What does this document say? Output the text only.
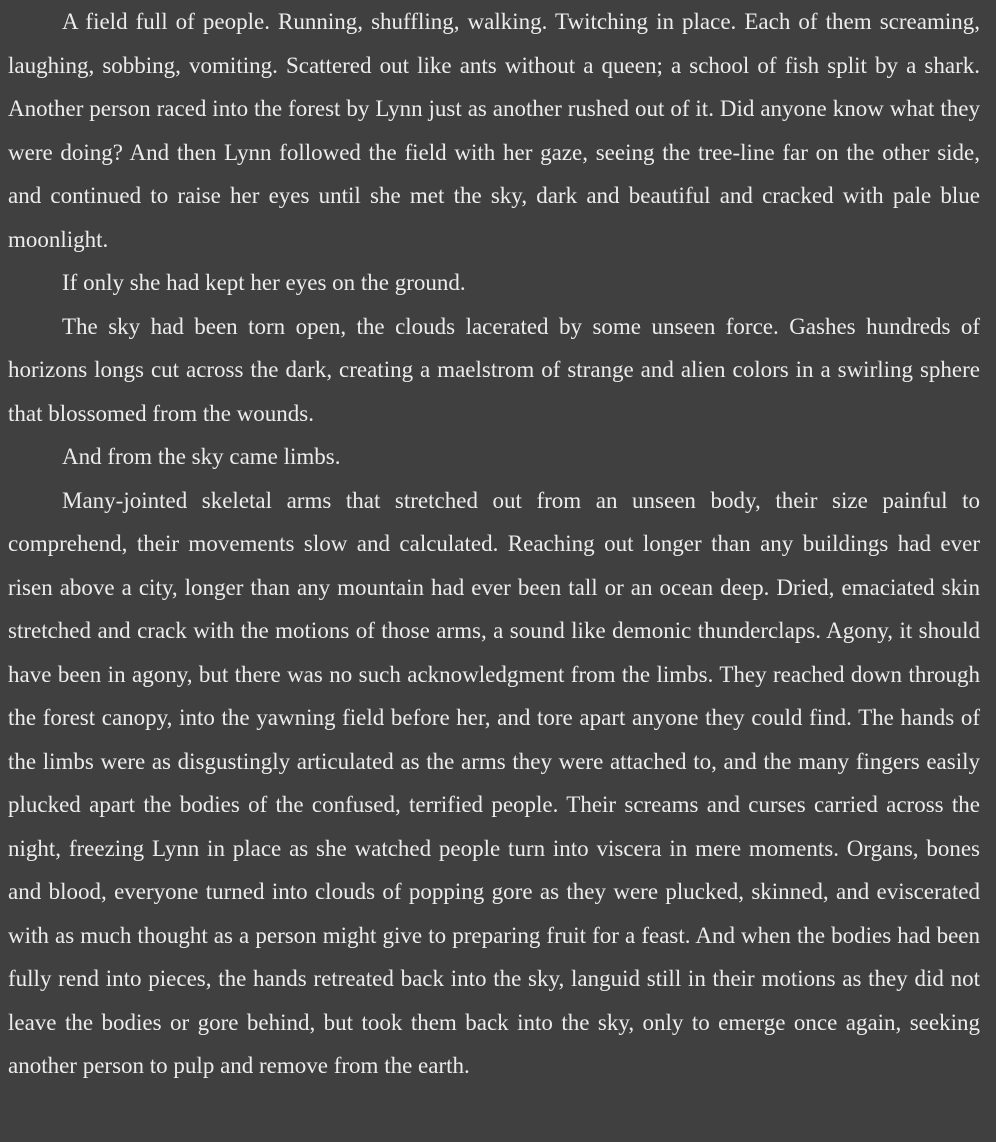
A field full of people. Running, shuffling, walking. Twitching in place. Each of them screaming, laughing, sobbing, vomiting. Scattered out like ants without a queen; a school of fish split by a shark. Another person raced into the forest by Lynn just as another rushed out of it. Did anyone know what they were doing? And then Lynn followed the field with her gaze, seeing the tree-line far on the other side, and continued to raise her eyes until she met the sky, dark and beautiful and cracked with pale blue moonlight.

If only she had kept her eyes on the ground.

The sky had been torn open, the clouds lacerated by some unseen force. Gashes hundreds of horizons longs cut across the dark, creating a maelstrom of strange and alien colors in a swirling sphere that blossomed from the wounds.

And from the sky came limbs.

Many-jointed skeletal arms that stretched out from an unseen body, their size painful to comprehend, their movements slow and calculated. Reaching out longer than any buildings had ever risen above a city, longer than any mountain had ever been tall or an ocean deep. Dried, emaciated skin stretched and crack with the motions of those arms, a sound like demonic thunderclaps. Agony, it should have been in agony, but there was no such acknowledgment from the limbs. They reached down through the forest canopy, into the yawning field before her, and tore apart anyone they could find. The hands of the limbs were as disgustingly articulated as the arms they were attached to, and the many fingers easily plucked apart the bodies of the confused, terrified people. Their screams and curses carried across the night, freezing Lynn in place as she watched people turn into viscera in mere moments. Organs, bones and blood, everyone turned into clouds of popping gore as they were plucked, skinned, and eviscerated with as much thought as a person might give to preparing fruit for a feast. And when the bodies had been fully rend into pieces, the hands retreated back into the sky, languid still in their motions as they did not leave the bodies or gore behind, but took them back into the sky, only to emerge once again, seeking another person to pulp and remove from the earth.
